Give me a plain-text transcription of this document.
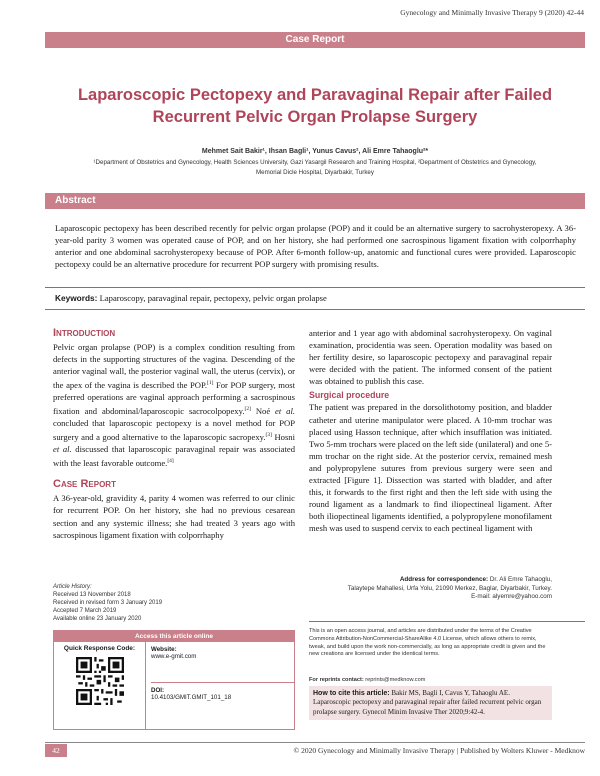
Gynecology and Minimally Invasive Therapy 9 (2020) 42-44
Case Report
Laparoscopic Pectopexy and Paravaginal Repair after Failed
Recurrent Pelvic Organ Prolapse Surgery
Mehmet Sait Bakir¹, Ihsan Bagli¹, Yunus Cavus², Ali Emre Tahaoglu²*
¹Department of Obstetrics and Gynecology, Health Sciences University, Gazi Yasargil Research and Training Hospital, ²Department of Obstetrics and Gynecology,
Memorial Dicle Hospital, Diyarbakir, Turkey
Abstract
Laparoscopic pectopexy has been described recently for pelvic organ prolapse (POP) and it could be an alternative surgery to sacrohysteropexy. A 36-year-old parity 3 women was operated cause of POP, and on her history, she had performed one sacrospinous ligament fixation with colporrhaphy anterior and one abdominal sacrohysteropexy because of POP. After 6-month follow-up, anatomic and functional cures were provided. Laparoscopic pectopexy could be an alternative procedure for recurrent POP surgery with promising results.
Keywords: Laparoscopy, paravaginal repair, pectopexy, pelvic organ prolapse
Introduction
Pelvic organ prolapse (POP) is a complex condition resulting from defects in the supporting structures of the vagina. Descending of the anterior vaginal wall, the posterior vaginal wall, the uterus (cervix), or the apex of the vagina is described the POP.[1] For POP surgery, most preferred operations are vaginal approach performing a sacrospinous fixation and abdominal/laparoscopic sacrocolpopexy.[2] Noé et al. concluded that laparoscopic pectopexy is a novel method for POP surgery and a good alternative to the laparoscopic sacropexy.[3] Hosni et al. discussed that laparoscopic paravaginal repair was associated with the least favorable outcome.[4]
Case Report
A 36-year-old, gravidity 4, parity 4 women was referred to our clinic for recurrent POP. On her history, she had no previous cesarean section and any systemic illness; she had treated 3 years ago with sacrospinous ligament fixation with colporrhaphy
anterior and 1 year ago with abdominal sacrohysteropexy. On vaginal examination, procidentia was seen. Operation modality was based on her fertility desire, so laparoscopic pectopexy and paravaginal repair were decided with the patient. The informed consent of the patient was obtained to publish this case.
Surgical procedure
The patient was prepared in the dorsolithotomy position, and bladder catheter and uterine manipulator were placed. A 10-mm trochar was placed using Hasson technique, after which insufflation was initiated. Two 5-mm trochars were placed on the left side (unilateral) and one 5-mm trochar on the right side. At the posterior cervix, remained mesh and polypropylene sutures from previous surgery were seen and extracted [Figure 1]. Dissection was started with bladder, and after this, it forwards to the first right and then the left side with using the round ligament as a landmark to find iliopectineal ligament. After both iliopectineal ligaments identified, a polypropylene monofilament mesh was used to suspend cervix to each pectineal ligament with
Article History:
Received 13 November 2018
Received in revised form 3 January 2019
Accepted 7 March 2019
Available online 23 January 2020
Access this article online
Quick Response Code:	Website:
www.e-gmit.com
DOI:
10.4103/GMIT.GMIT_101_18
Address for correspondence: Dr. Ali Emre Tahaoglu,
Talaytepe Mahallesi, Urfa Yolu, 21090 Merkez, Baglar, Diyarbakir, Turkey.
E-mail: alyemre@yahoo.com
This is an open access journal, and articles are distributed under the terms of the Creative Commons Attribution-NonCommercial-ShareAlike 4.0 License, which allows others to remix, tweak, and build upon the work non-commercially, as long as appropriate credit is given and the new creations are licensed under the identical terms.
For reprints contact: reprints@medknow.com
How to cite this article: Bakir MS, Bagli I, Cavus Y, Tahaoglu AE. Laparoscopic pectopexy and paravaginal repair after failed recurrent pelvic organ prolapse surgery. Gynecol Minim Invasive Ther 2020;9:42-4.
42	© 2020 Gynecology and Minimally Invasive Therapy | Published by Wolters Kluwer - Medknow
